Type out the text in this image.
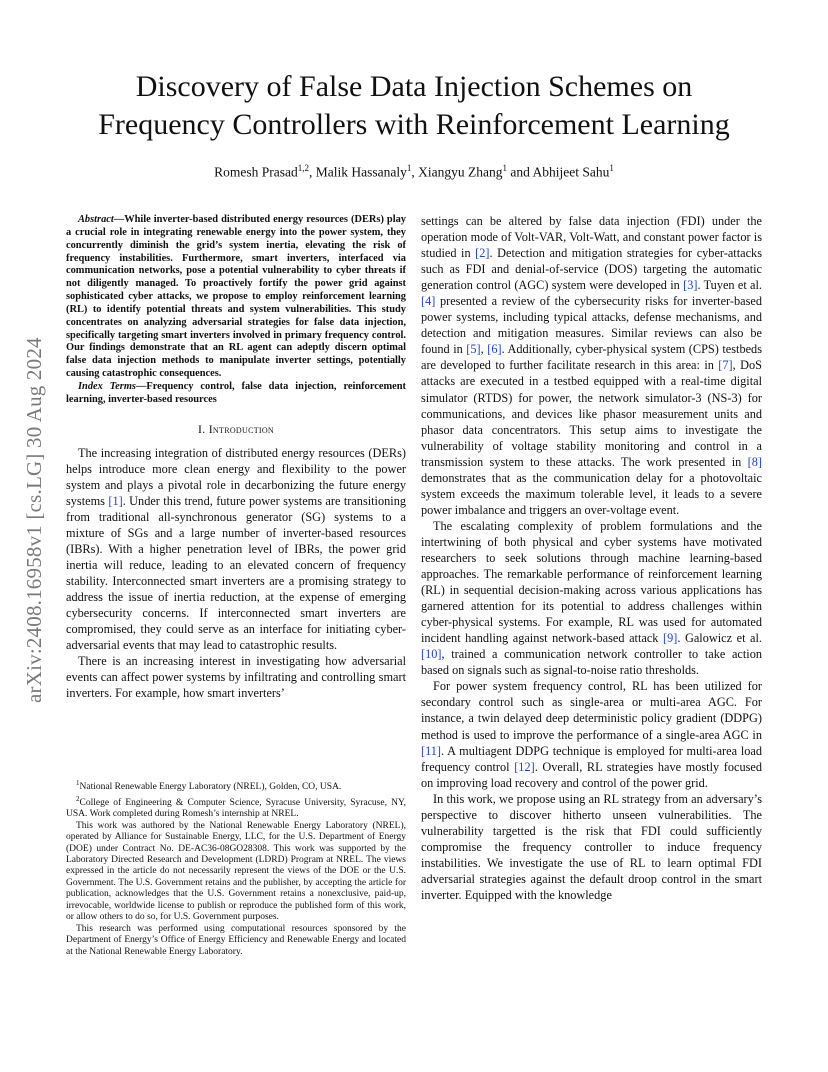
arXiv:2408.16958v1 [cs.LG] 30 Aug 2024
Discovery of False Data Injection Schemes on
Frequency Controllers with Reinforcement Learning
Romesh Prasad$^{1,2}$, Malik Hassanaly$^1$, Xiangyu Zhang$^1$ and Abhijeet Sahu$^1$

Abstract—While inverter-based distributed energy resources (DERs) play a crucial role in integrating renewable energy into the power system, they concurrently diminish the grid’s system inertia, elevating the risk of frequency instabilities. Furthermore, smart inverters, interfaced via communication networks, pose a potential vulnerability to cyber threats if not diligently managed. To proactively fortify the power grid against sophisticated cyber attacks, we propose to employ reinforcement learning (RL) to identify potential threats and system vulnerabilities. This study concentrates on analyzing adversarial strategies for false data injection, specifically targeting smart inverters involved in primary frequency control. Our findings demonstrate that an RL agent can adeptly discern optimal false data injection methods to manipulate inverter settings, potentially causing catastrophic consequences.

Index Terms—Frequency control, false data injection, reinforcement learning, inverter-based resources

I. Introduction

The increasing integration of distributed energy resources (DERs) helps introduce more clean energy and flexibility to the power system and plays a pivotal role in decarbonizing the future energy systems [1]. Under this trend, future power systems are transitioning from traditional all-synchronous generator (SG) systems to a mixture of SGs and a large number of inverter-based resources (IBRs). With a higher penetration level of IBRs, the power grid inertia will reduce, leading to an elevated concern of frequency stability. Interconnected smart inverters are a promising strategy to address the issue of inertia reduction, at the expense of emerging cybersecurity concerns. If interconnected smart inverters are compromised, they could serve as an interface for initiating cyber-adversarial events that may lead to catastrophic results.

There is an increasing interest in investigating how adversarial events can affect power systems by infiltrating and controlling smart inverters. For example, how smart inverters’

$^1$National Renewable Energy Laboratory (NREL), Golden, CO, USA.

$^2$College of Engineering & Computer Science, Syracuse University, Syracuse, NY, USA. Work completed during Romesh’s internship at NREL.

This work was authored by the National Renewable Energy Laboratory (NREL), operated by Alliance for Sustainable Energy, LLC, for the U.S. Department of Energy (DOE) under Contract No. DE-AC36-08GO28308. This work was supported by the Laboratory Directed Research and Development (LDRD) Program at NREL. The views expressed in the article do not necessarily represent the views of the DOE or the U.S. Government. The U.S. Government retains and the publisher, by accepting the article for publication, acknowledges that the U.S. Government retains a nonexclusive, paid-up, irrevocable, worldwide license to publish or reproduce the published form of this work, or allow others to do so, for U.S. Government purposes.

This research was performed using computational resources sponsored by the Department of Energy’s Office of Energy Efficiency and Renewable Energy and located at the National Renewable Energy Laboratory.

settings can be altered by false data injection (FDI) under the operation mode of Volt-VAR, Volt-Watt, and constant power factor is studied in [2]. Detection and mitigation strategies for cyber-attacks such as FDI and denial-of-service (DOS) targeting the automatic generation control (AGC) system were developed in [3]. Tuyen et al. [4] presented a review of the cybersecurity risks for inverter-based power systems, including typical attacks, defense mechanisms, and detection and mitigation measures. Similar reviews can also be found in [5], [6]. Additionally, cyber-physical system (CPS) testbeds are developed to further facilitate research in this area: in [7], DoS attacks are executed in a testbed equipped with a real-time digital simulator (RTDS) for power, the network simulator-3 (NS-3) for communications, and devices like phasor measurement units and phasor data concentrators. This setup aims to investigate the vulnerability of voltage stability monitoring and control in a transmission system to these attacks. The work presented in [8] demonstrates that as the communication delay for a photovoltaic system exceeds the maximum tolerable level, it leads to a severe power imbalance and triggers an over-voltage event.

The escalating complexity of problem formulations and the intertwining of both physical and cyber systems have motivated researchers to seek solutions through machine learning-based approaches. The remarkable performance of reinforcement learning (RL) in sequential decision-making across various applications has garnered attention for its potential to address challenges within cyber-physical systems. For example, RL was used for automated incident handling against network-based attack [9]. Galowicz et al. [10], trained a communication network controller to take action based on signals such as signal-to-noise ratio thresholds.

For power system frequency control, RL has been utilized for secondary control such as single-area or multi-area AGC. For instance, a twin delayed deep deterministic policy gradient (DDPG) method is used to improve the performance of a single-area AGC in [11]. A multiagent DDPG technique is employed for multi-area load frequency control [12]. Overall, RL strategies have mostly focused on improving load recovery and control of the power grid.

In this work, we propose using an RL strategy from an adversary’s perspective to discover hitherto unseen vulnerabilities. The vulnerability targetted is the risk that FDI could sufficiently compromise the frequency controller to induce frequency instabilities. We investigate the use of RL to learn optimal FDI adversarial strategies against the default droop control in the smart inverter. Equipped with the knowledge
